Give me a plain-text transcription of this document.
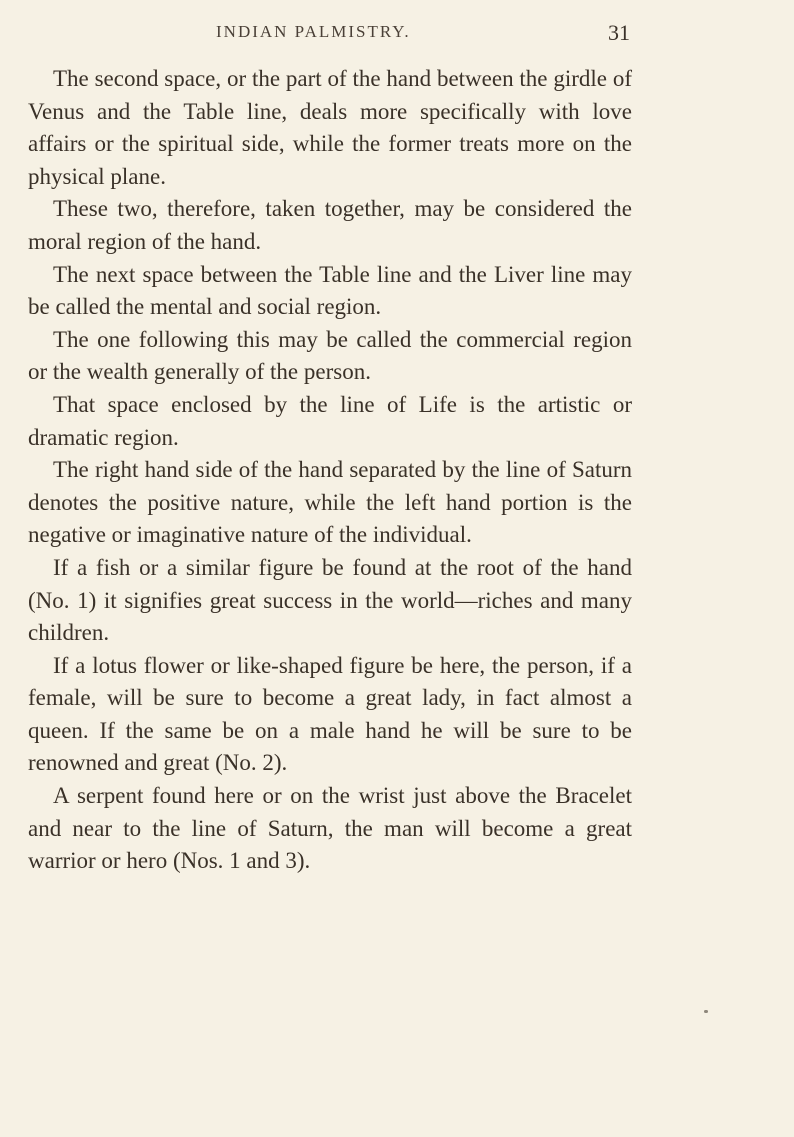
INDIAN PALMISTRY.	31

The second space, or the part of the hand between the girdle of Venus and the Table line, deals more specifically with love affairs or the spiritual side, while the former treats more on the physical plane.

These two, therefore, taken together, may be considered the moral region of the hand.

The next space between the Table line and the Liver line may be called the mental and social region.

The one following this may be called the commercial region or the wealth generally of the person.

That space enclosed by the line of Life is the artistic or dramatic region.

The right hand side of the hand separated by the line of Saturn denotes the positive nature, while the left hand portion is the negative or imaginative nature of the individual.

If a fish or a similar figure be found at the root of the hand (No. 1) it signifies great success in the world—riches and many children.

If a lotus flower or like-shaped figure be here, the person, if a female, will be sure to become a great lady, in fact almost a queen. If the same be on a male hand he will be sure to be renowned and great (No. 2).

A serpent found here or on the wrist just above the Bracelet and near to the line of Saturn, the man will become a great warrior or hero (Nos. 1 and 3).
